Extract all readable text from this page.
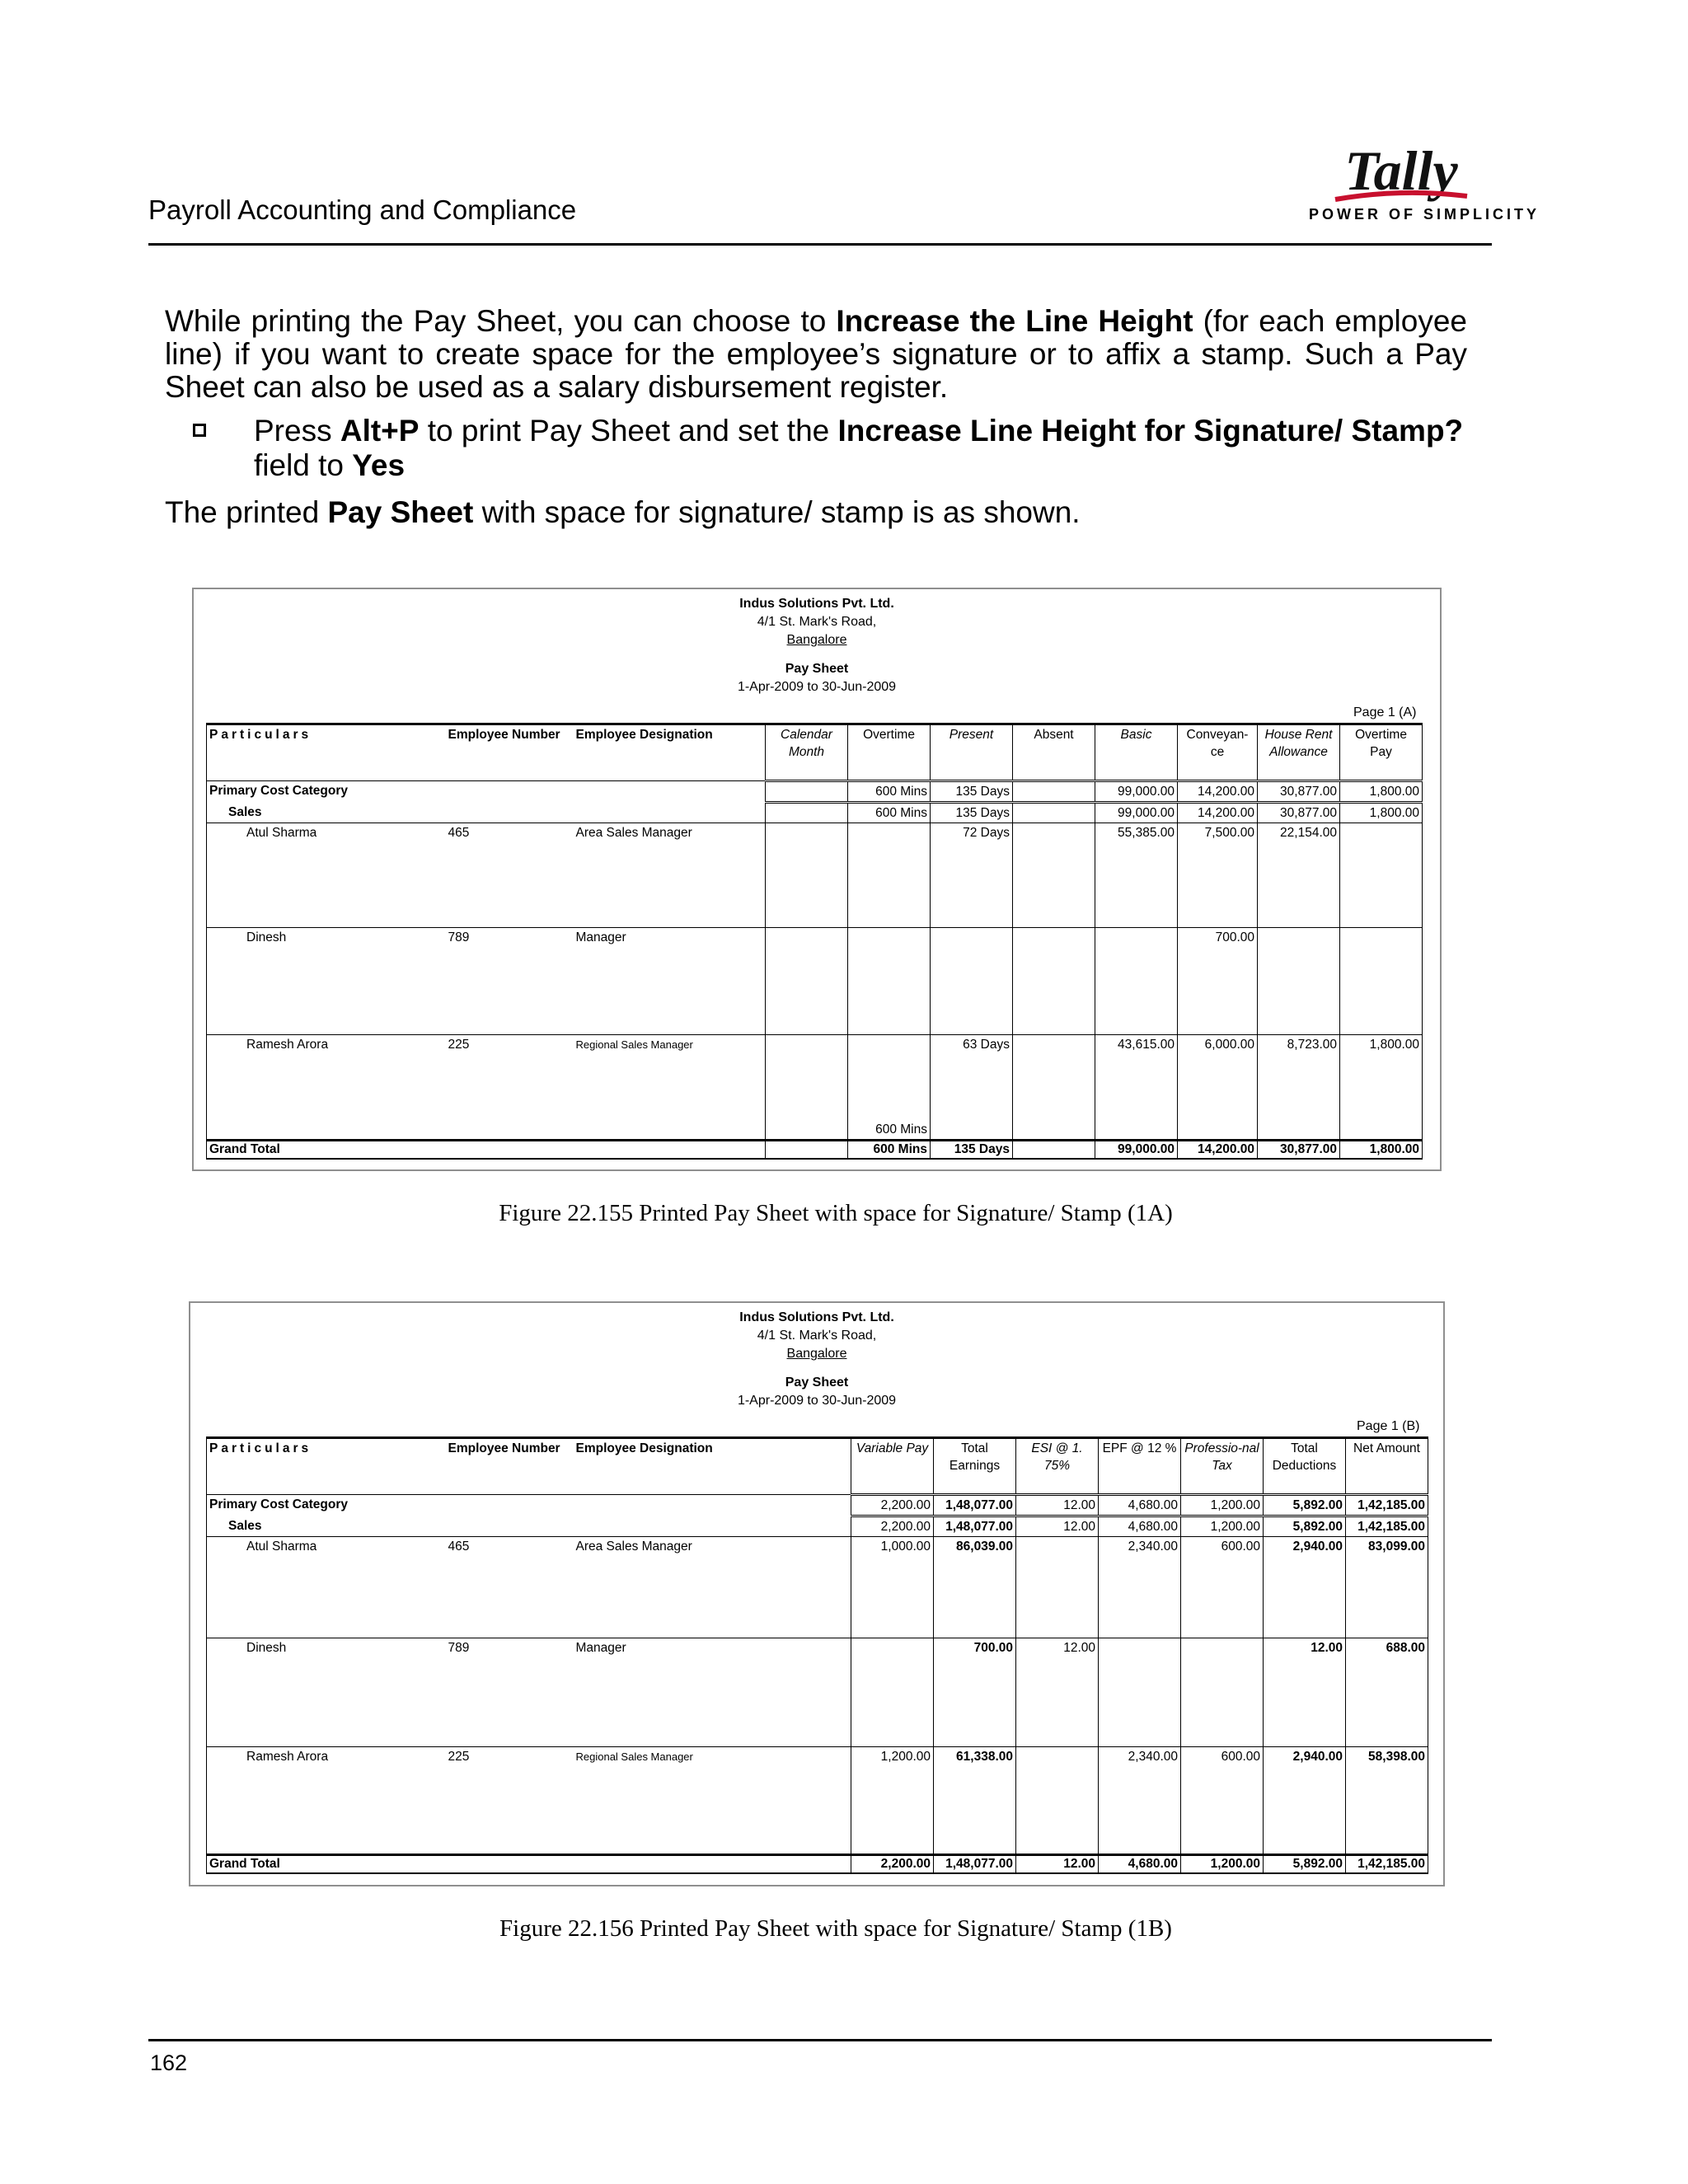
Payroll Accounting and Compliance
Tally
POWER OF SIMPLICITY
While printing the Pay Sheet, you can choose to Increase the Line Height (for each employee line) if you want to create space for the employee’s signature or to affix a stamp. Such a Pay Sheet can also be used as a salary disbursement register.
Press Alt+P to print Pay Sheet and set the Increase Line Height for Signature/ Stamp?
field to Yes
The printed Pay Sheet with space for signature/ stamp is as shown.
Indus Solutions Pvt. Ltd.
4/1 St. Mark's Road,
Bangalore
Pay Sheet
1-Apr-2009 to 30-Jun-2009
Page 1 (A)
Particulars	Employee Number	Employee Designation	Calendar Month	Overtime	Present	Absent	Basic	Conveyan-ce	House Rent Allowance	Overtime Pay
Primary Cost Category				600 Mins	135 Days		99,000.00	14,200.00	30,877.00	1,800.00
Sales				600 Mins	135 Days		99,000.00	14,200.00	30,877.00	1,800.00
Atul Sharma	465	Area Sales Manager			72 Days		55,385.00	7,500.00	22,154.00	
Dinesh	789	Manager						700.00		
Ramesh Arora	225	Regional Sales Manager		600 Mins	63 Days		43,615.00	6,000.00	8,723.00	1,800.00
Grand Total				600 Mins	135 Days		99,000.00	14,200.00	30,877.00	1,800.00
Figure 22.155 Printed Pay Sheet with space for Signature/ Stamp (1A)
Indus Solutions Pvt. Ltd.
4/1 St. Mark's Road,
Bangalore
Pay Sheet
1-Apr-2009 to 30-Jun-2009
Page 1 (B)
Particulars	Employee Number	Employee Designation	Variable Pay	Total Earnings	ESI @ 1. 75%	EPF @ 12 %	Professio-nal Tax	Total Deductions	Net Amount
Primary Cost Category			2,200.00	1,48,077.00	12.00	4,680.00	1,200.00	5,892.00	1,42,185.00
Sales			2,200.00	1,48,077.00	12.00	4,680.00	1,200.00	5,892.00	1,42,185.00
Atul Sharma	465	Area Sales Manager	1,000.00	86,039.00		2,340.00	600.00	2,940.00	83,099.00
Dinesh	789	Manager		700.00	12.00			12.00	688.00
Ramesh Arora	225	Regional Sales Manager	1,200.00	61,338.00		2,340.00	600.00	2,940.00	58,398.00
Grand Total			2,200.00	1,48,077.00	12.00	4,680.00	1,200.00	5,892.00	1,42,185.00
Figure 22.156 Printed Pay Sheet with space for Signature/ Stamp (1B)
162
